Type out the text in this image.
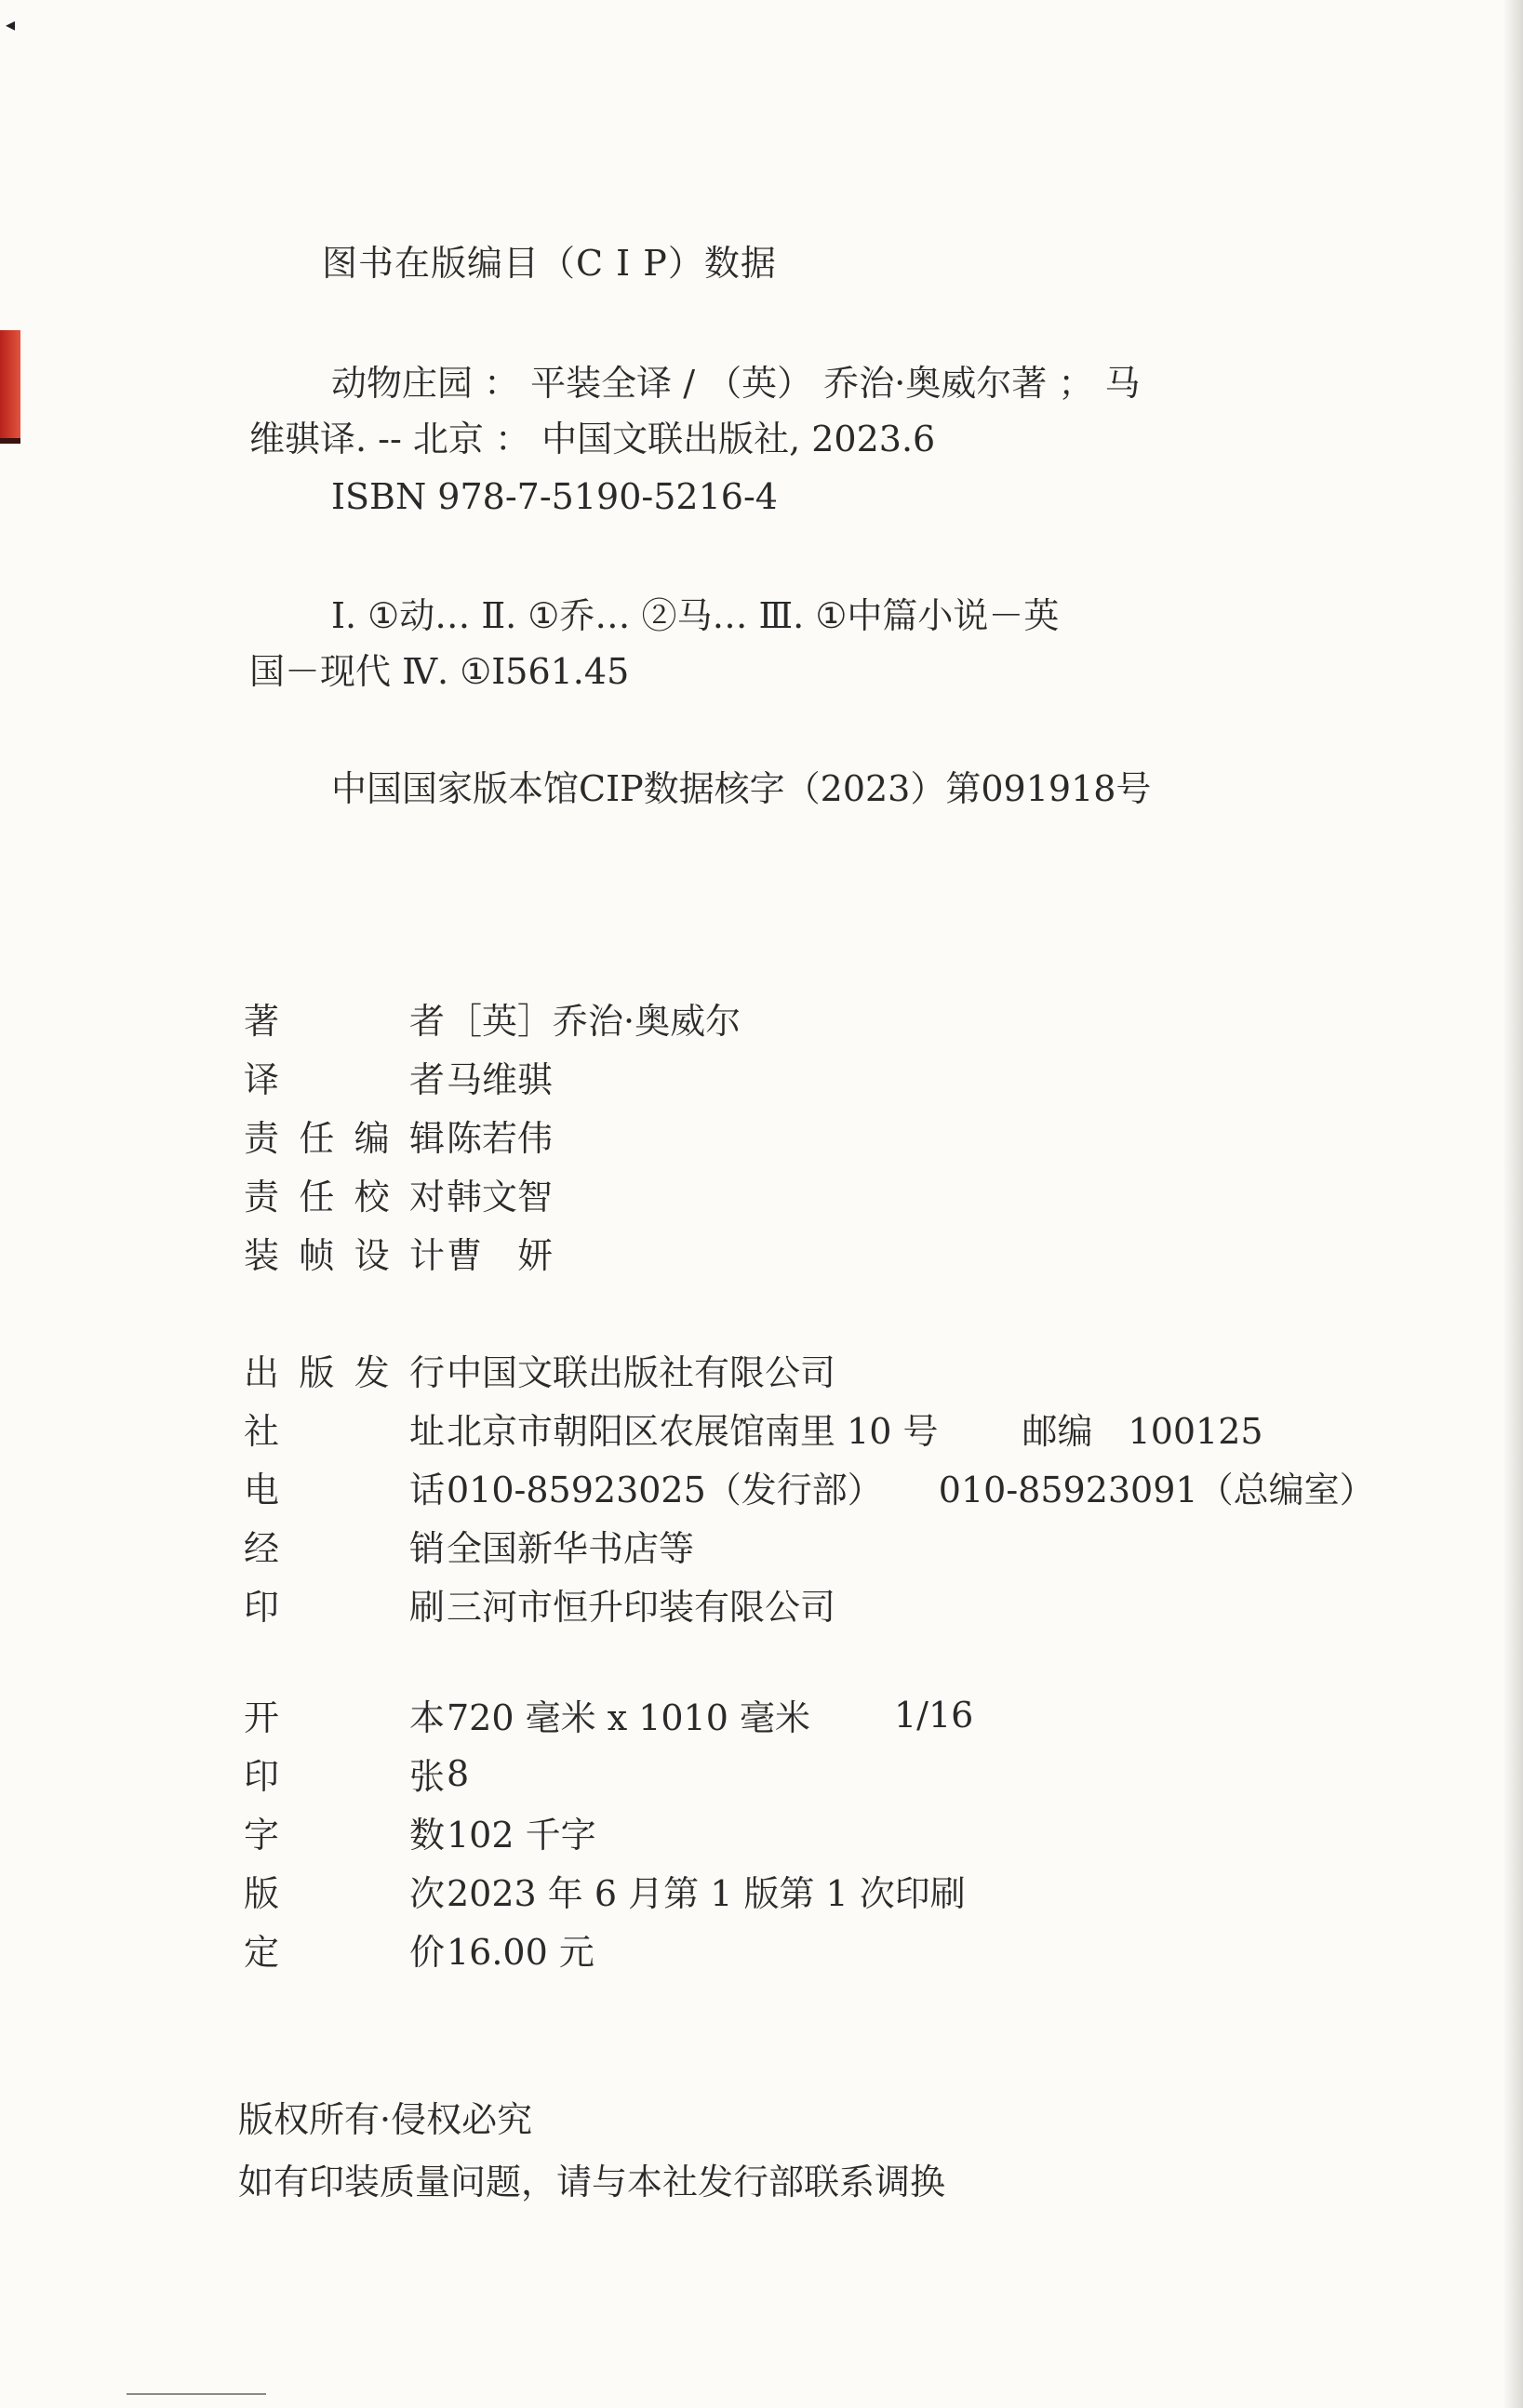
◂
图书在版编目（C I P）数据
动物庄园 ： 平装全译 / （英） 乔治·奥威尔著 ； 马
维骐译. -- 北京 ： 中国文联出版社, 2023.6
ISBN 978-7-5190-5216-4
Ⅰ. ①动… Ⅱ. ①乔… ②马… Ⅲ. ①中篇小说－英
国－现代 Ⅳ. ①I561.45
中国国家版本馆CIP数据核字（2023）第091918号
著	者 ［英］乔治·奥威尔
译	者 马维骐
责 任 编 辑 陈若伟
责 任 校 对 韩文智
装 帧 设 计 曹　妍
出 版 发 行 中国文联出版社有限公司
社	址 北京市朝阳区农展馆南里 10 号 邮编　100125
电	话 010-85923025（发行部） 010-85923091（总编室）
经	销 全国新华书店等
印	刷 三河市恒升印装有限公司
开	本 720 毫米 x 1010 毫米 1/16
印	张 8
字	数 102 千字
版	次 2023 年 6 月第 1 版第 1 次印刷
定	价 16.00 元
版权所有·侵权必究
如有印装质量问题，请与本社发行部联系调换
